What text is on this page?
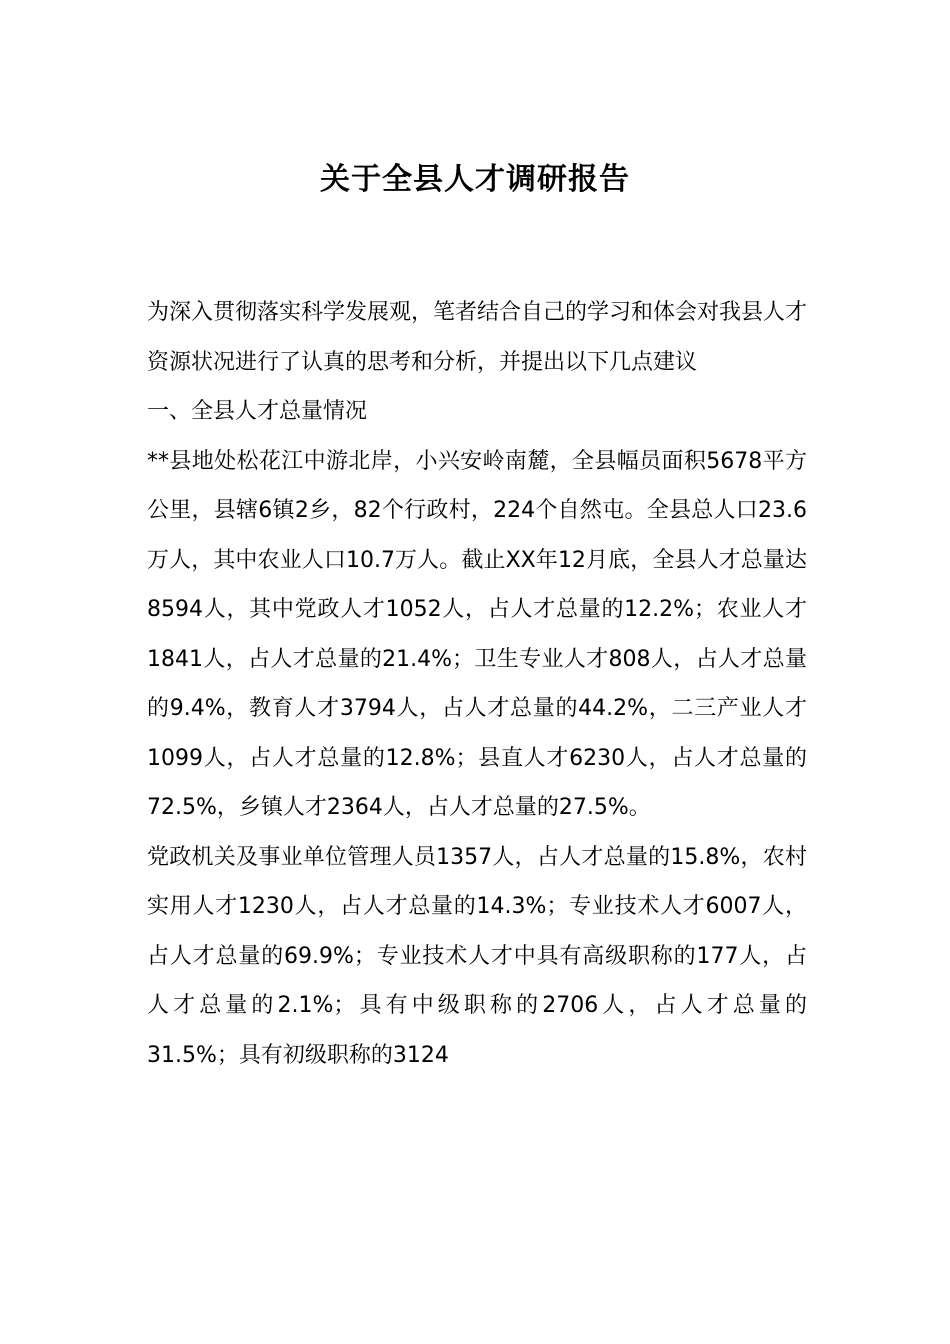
关于全县人才调研报告

为深入贯彻落实科学发展观，笔者结合自己的学习和体会对我县人才资源状况进行了认真的思考和分析，并提出以下几点建议

一、全县人才总量情况

**县地处松花江中游北岸，小兴安岭南麓，全县幅员面积5678平方公里，县辖6镇2乡，82个行政村，224个自然屯。全县总人口23.6万人，其中农业人口10.7万人。截止XX年12月底，全县人才总量达8594人，其中党政人才1052人，占人才总量的12.2%；农业人才1841人，占人才总量的21.4%；卫生专业人才808人，占人才总量的9.4%，教育人才3794人，占人才总量的44.2%，二三产业人才1099人，占人才总量的12.8%；县直人才6230人，占人才总量的72.5%，乡镇人才2364人，占人才总量的27.5%。

党政机关及事业单位管理人员1357人，占人才总量的15.8%，农村实用人才1230人，占人才总量的14.3%；专业技术人才6007人，占人才总量的69.9%；专业技术人才中具有高级职称的177人，占人才总量的2.1%；具有中级职称的2706人，占人才总量的31.5%；具有初级职称的3124
